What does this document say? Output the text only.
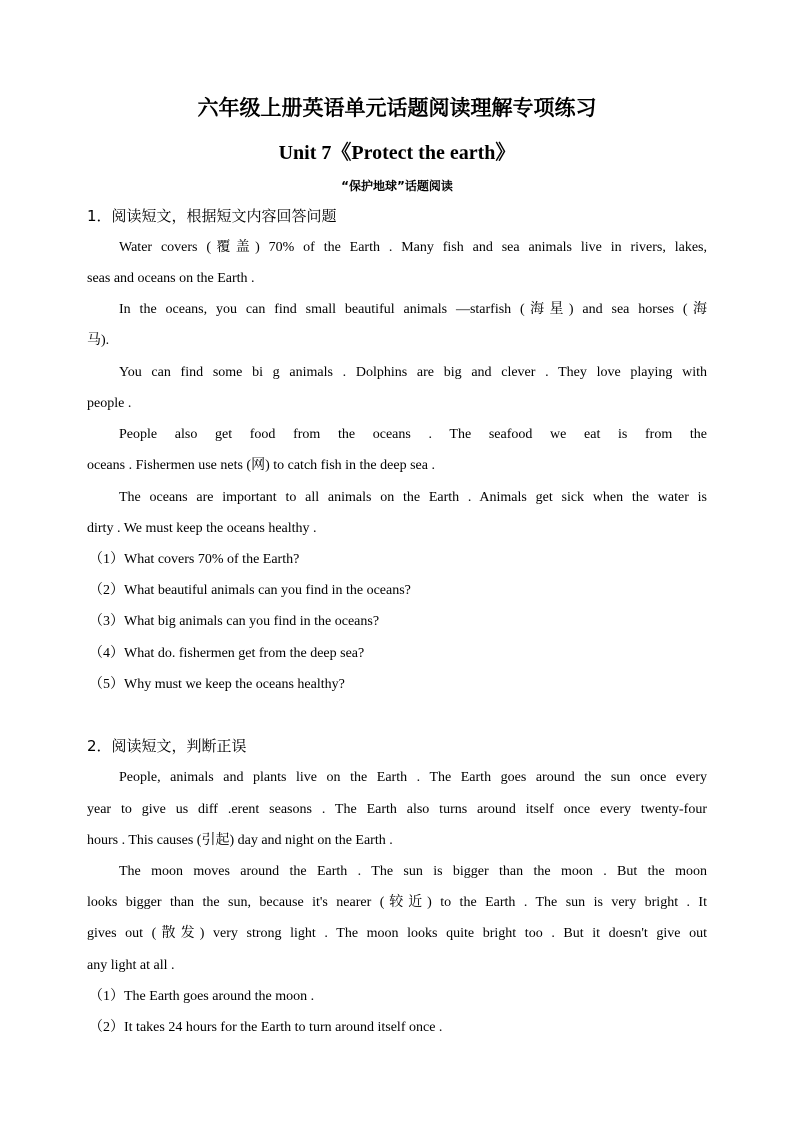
六年级上册英语单元话题阅读理解专项练习
Unit 7《Protect the earth》
“保护地球”话题阅读
1．阅读短文，根据短文内容回答问题
Water covers (覆盖) 70% of the Earth . Many fish and sea animals live in rivers, lakes,
seas and oceans on the Earth .
In the oceans, you can find small beautiful animals —starfish (海星) and sea horses (海
马).
You can find some bi g animals . Dolphins are big and clever . They love playing with
people .
People also get food from the oceans . The seafood we eat is from the
oceans . Fishermen use nets (网) to catch fish in the deep sea .
The oceans are important to all animals on the Earth . Animals get sick when the water is
dirty . We must keep the oceans healthy .
（1）What covers 70% of the Earth?
（2）What beautiful animals can you find in the oceans?
（3）What big animals can you find in the oceans?
（4）What do. fishermen get from the deep sea?
（5）Why must we keep the oceans healthy?
2．阅读短文，判断正误
People, animals and plants live on the Earth . The Earth goes around the sun once every
year to give us diff .erent seasons . The Earth also turns around itself once every twenty-four
hours . This causes (引起) day and night on the Earth .
The moon moves around the Earth . The sun is bigger than the moon . But the moon
looks bigger than the sun, because it's nearer (较近) to the Earth . The sun is very bright . It
gives out (散发) very strong light . The moon looks quite bright too . But it doesn't give out
any light at all .
（1）The Earth goes around the moon .
（2）It takes 24 hours for the Earth to turn around itself once .
